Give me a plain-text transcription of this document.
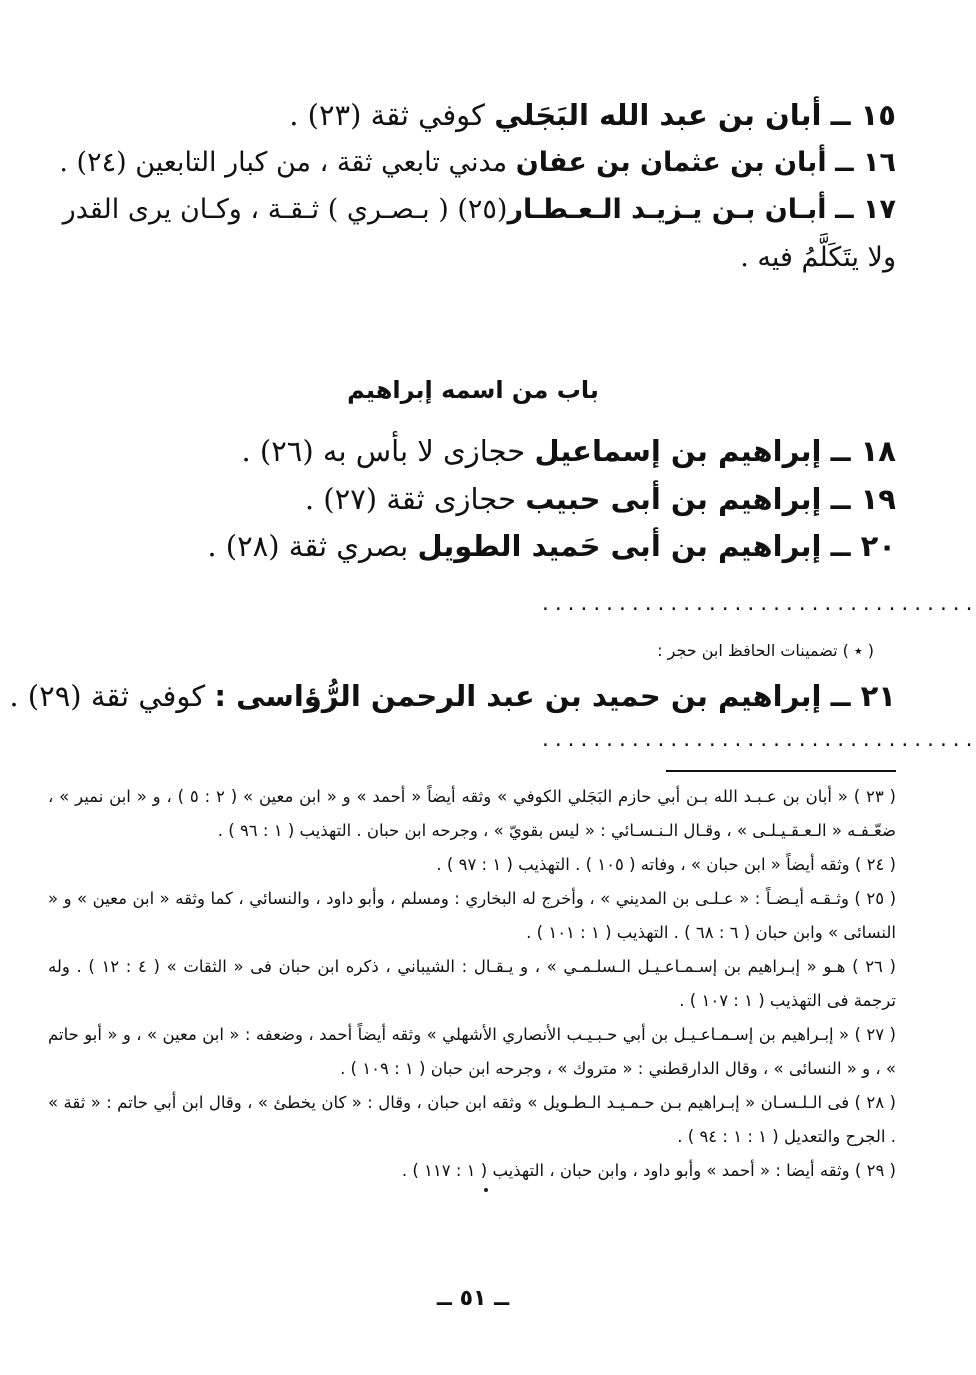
١٥ ــ أبان بن عبد الله البَجَلي كوفي ثقة (٢٣) .
١٦ ــ أبان بن عثمان بن عفان مدني تابعي ثقة ، من كبار التابعين (٢٤) .
١٧ ــ أبـان بـن يـزيـد الـعـطـار(٢٥) ( بـصـري ) ثـقـة ، وكـان يرى القدر
ولا يتَكَلَّمُ فيه .
باب من اسمه إبراهيم
١٨ ــ إبراهيم بن إسماعيل حجازى لا بأس به (٢٦) .
١٩ ــ إبراهيم بن أبى حبيب حجازى ثقة (٢٧) .
٢٠ ــ إبراهيم بن أبى حَميد الطويل بصري ثقة (٢٨) .
..................................
( ٭ ) تضمينات الحافظ ابن حجر :
٢١ ــ إبراهيم بن حميد بن عبد الرحمن الرُّؤاسى : كوفي ثقة (٢٩) .
..................................

( ٢٣ ) « أبان بن عـبـد الله بـن أبي حازم البَجَلي الكوفي » وثقه أيضاً « أحمد » و « ابن معين » ( ٢ : ٥ ) ، و « ابن نمير » ، ضعّـفـه « الـعـقـيـلـى » ، وقـال الـنـسـائي : « ليس بقويّ » ، وجرحه ابن حبان . التهذيب ( ١ : ٩٦ ) .

( ٢٤ ) وثقه أيضاً « ابن حبان » ، وفاته ( ١٠٥ ) . التهذيب ( ١ : ٩٧ ) .

( ٢٥ ) وثـقـه أيـضـاً : « عـلـى بن المديني » ، وأخرج له البخاري : ومسلم ، وأبو داود ، والنسائي ، كما وثقه « ابن معين » و « النسائى » وابن حبان ( ٦ : ٦٨ ) . التهذيب ( ١ : ١٠١ ) .

( ٢٦ ) هـو « إبـراهيم بن إسـمـاعـيـل الـسلـمـي » ، و يـقـال : الشيباني ، ذكره ابن حبان فى « الثقات » ( ٤ : ١٢ ) . وله ترجمة فى التهذيب ( ١ : ١٠٧ ) .

( ٢٧ ) « إبـراهيم بن إسـمـاعـيـل بن أبي حـبـيـب الأنصاري الأشهلي » وثقه أيضاً أحمد ، وضعفه : « ابن معين » ، و « أبو حاتم » ، و « النسائى » ، وقال الدارقطني : « متروك » ، وجرحه ابن حبان ( ١ : ١٠٩ ) .

( ٢٨ ) فى الـلـسـان « إبـراهيم بـن حـمـيـد الـطـويل » وثقه ابن حبان ، وقال : « كان يخطئ » ، وقال ابن أبي حاتم : « ثقة » . الجرح والتعديل ( ١ : ١ : ٩٤ ) .

( ٢٩ ) وثقه أيضا : « أحمد » وأبو داود ، وابن حبان ، التهذيب ( ١ : ١١٧ ) .

ــ ٥١ ــ
